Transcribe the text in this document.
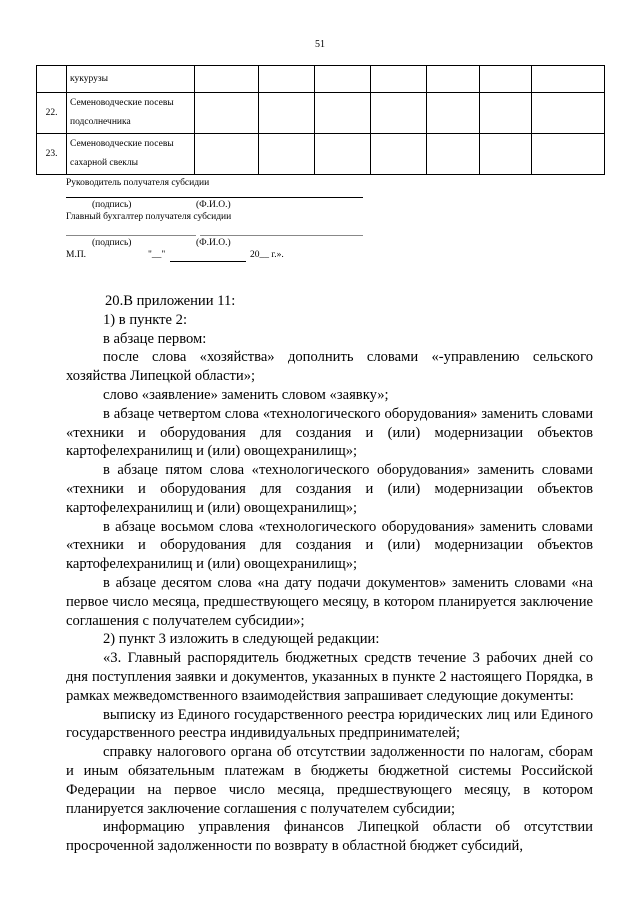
51
	кукурузы							
22.	Семеноводческие посевы
подсолнечника							
23.	Семеноводческие посевы
сахарной свеклы							
Руководитель получателя субсидии
(подпись)	(Ф.И.О.)
Главный бухгалтер получателя субсидии
(подпись)	(Ф.И.О.)
М.П.	"__"	20__ г.».

20.В приложении 11:

1) в пункте 2:

в абзаце первом:

после слова «хозяйства» дополнить словами «-управлению сельского хозяйства Липецкой области»;

слово «заявление» заменить словом «заявку»;

в абзаце четвертом слова «технологического оборудования» заменить словами «техники и оборудования для создания и (или) модернизации объектов картофелехранилищ и (или) овощехранилищ»;

в абзаце пятом слова «технологического оборудования» заменить словами «техники и оборудования для создания и (или) модернизации объектов картофелехранилищ и (или) овощехранилищ»;

в абзаце восьмом слова «технологического оборудования» заменить словами «техники и оборудования для создания и (или) модернизации объектов картофелехранилищ и (или) овощехранилищ»;

в абзаце десятом слова «на дату подачи документов» заменить словами «на первое число месяца, предшествующего месяцу, в котором планируется заключение соглашения с получателем субсидии»;

2) пункт 3 изложить в следующей редакции:

«3. Главный распорядитель бюджетных средств течение 3 рабочих дней со дня поступления заявки и документов, указанных в пункте 2 настоящего Порядка, в рамках межведомственного взаимодействия запрашивает следующие документы:

выписку из Единого государственного реестра юридических лиц или Единого государственного реестра индивидуальных предпринимателей;

справку налогового органа об отсутствии задолженности по налогам, сборам и иным обязательным платежам в бюджеты бюджетной системы Российской Федерации на первое число месяца, предшествующего месяцу, в котором планируется заключение соглашения с получателем субсидии;

информацию управления финансов Липецкой области об отсутствии просроченной задолженности по возврату в областной бюджет субсидий,
